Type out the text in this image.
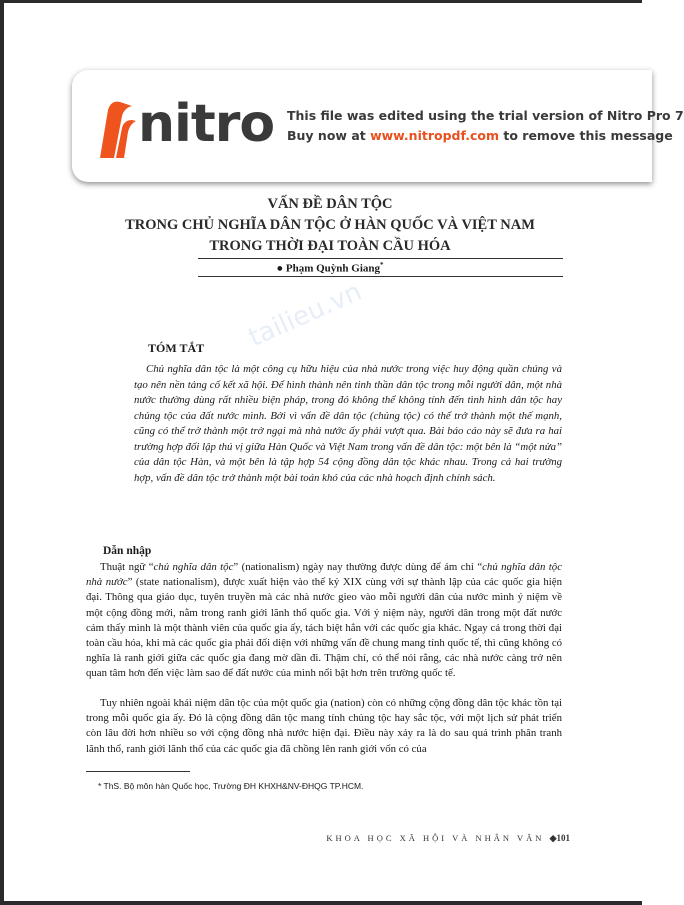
nitro This file was edited using the trial version of Nitro Pro 7
Buy now at www.nitropdf.com to remove this message
tailieu.vn
VẤN ĐỀ DÂN TỘC
TRONG CHỦ NGHĨA DÂN TỘC Ở HÀN QUỐC VÀ VIỆT NAM
TRONG THỜI ĐẠI TOÀN CẦU HÓA
● Phạm Quỳnh Giang*
TÓM TẮT
Chủ nghĩa dân tộc là một công cụ hữu hiệu của nhà nước trong việc huy động quần chúng và tạo nên nền tảng cố kết xã hội. Để hình thành nên tinh thần dân tộc trong mỗi người dân, một nhà nước thường dùng rất nhiều biện pháp, trong đó không thể không tính đến tình hình dân tộc hay chủng tộc của đất nước mình. Bởi vì vấn đề dân tộc (chủng tộc) có thể trở thành một thế mạnh, cũng có thể trở thành một trở ngại mà nhà nước ấy phải vượt qua. Bài báo cáo này sẽ đưa ra hai trường hợp đối lập thú vị giữa Hàn Quốc và Việt Nam trong vấn đề dân tộc: một bên là “một nửa” của dân tộc Hàn, và một bên là tập hợp 54 cộng đồng dân tộc khác nhau. Trong cả hai trường hợp, vấn đề dân tộc trở thành một bài toán khó của các nhà hoạch định chính sách.
Dẫn nhập
Thuật ngữ “chủ nghĩa dân tộc” (nationalism) ngày nay thường được dùng để ám chỉ “chủ nghĩa dân tộc nhà nước” (state nationalism), được xuất hiện vào thế kỷ XIX cùng với sự thành lập của các quốc gia hiện đại. Thông qua giáo dục, tuyên truyền mà các nhà nước gieo vào mỗi người dân của nước mình ý niệm về một cộng đồng mới, nằm trong ranh giới lãnh thổ quốc gia. Với ý niệm này, người dân trong một đất nước cảm thấy mình là một thành viên của quốc gia ấy, tách biệt hẳn với các quốc gia khác. Ngay cả trong thời đại toàn cầu hóa, khi mà các quốc gia phải đối diện với những vấn đề chung mang tính quốc tế, thì cũng không có nghĩa là ranh giới giữa các quốc gia đang mờ dần đi. Thậm chí, có thể nói rằng, các nhà nước càng trở nên quan tâm hơn đến việc làm sao để đất nước của mình nổi bật hơn trên trường quốc tế.
Tuy nhiên ngoài khái niệm dân tộc của một quốc gia (nation) còn có những cộng đồng dân tộc khác tồn tại trong mỗi quốc gia ấy. Đó là cộng đồng dân tộc mang tính chủng tộc hay sắc tộc, với một lịch sử phát triển còn lâu đời hơn nhiều so với cộng đồng nhà nước hiện đại. Điều này xảy ra là do sau quá trình phân tranh lãnh thổ, ranh giới lãnh thổ của các quốc gia đã chồng lên ranh giới vốn có của
* ThS. Bộ môn hàn Quốc học, Trường ĐH KHXH&NV-ĐHQG TP.HCM.
KHOA HỌC XÃ HỘI VÀ NHÂN VĂN ◆101
